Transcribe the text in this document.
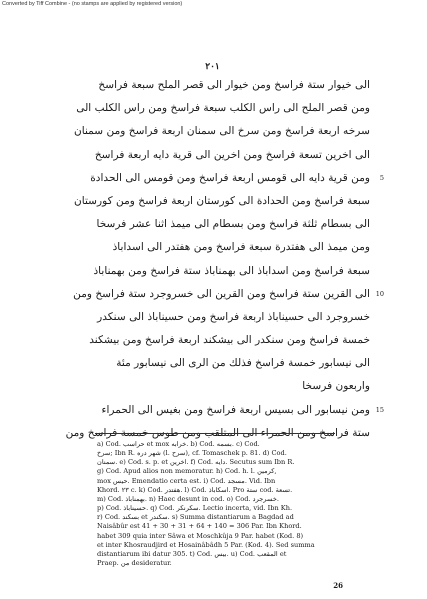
Converted by Tiff Combine - (no stamps are applied by registered version)
٢٠١
الى خيوار ستة فراسخ ومن خيوار الى قصر الملح سبعة فراسخ
ومن قصر الملح الى راس الكلب سبعة فراسخ ومن راس الكلب الى
سرخه اربعة فراسخ ومن سرخ الى سمنان اربعة فراسخ ومن سمنان
الى اخرين تسعة فراسخ ومن اخرين الى قرية دايه اربعة فراسخ
ومن قرية دايه الى قومس اربعة فراسخ ومن قومس الى الحدادة 5
سبعة فراسخ ومن الحدادة الى كورستان اربعة فراسخ ومن كورستان
الى بسطام ثلثة فراسخ ومن بسطام الى ميمذ اثنا عشر فرسخا
ومن ميمذ الى هفتدرة سبعة فراسخ ومن هفتدر الى اسداباذ
سبعة فراسخ ومن اسداباذ الى بهمناباذ ستة فراسخ ومن بهمناباذ
الى القرين ستة فراسخ ومن القرين الى خسروجرد ستة فراسخ ومن 10
خسروجرد الى حسيناباذ اربعة فراسخ ومن حسيناباذ الى سنكدر
خمسة فراسخ ومن سنكدر الى بيشكند اربعة فراسخ ومن بيشكند
الى نيسابور خمسة فراسخ فذلك من الرى الى نيسابور مئة
واربعون فرسخا
ومن نيسابور الى بسيس اربعة فراسخ ومن بغيس الى الحمراء 15
ستة فراسخ ومن الحمراء الى المتلقب ومن طوس خمسة فراسخ ومن
a) Cod. حراسب et mox خرابه. b) Cod. بسمه. c) Cod.
سرخ; Ibn R. شهر دره (l. سرح), cf. Tomaschek p. 81. d) Cod.
سمنان. e) Cod. s. p. et اخرين. f) Cod. دايه. Secutus sum Ibn R.
g) Cod. Apud alios non memoratur. h) Cod. h. l. كرمين,
mox حيس. Emendatio certa est. i) Cod. مسجد. Vid. Ibn
Khord. ٢٣ c. k) Cod. هفتدر. l) Cod. اسكاباذ. Pro ستة cod. تسعة.
m) Cod. بهمناباذ. n) Haec desunt in cod. o) Cod. خسرجرد.
p) Cod. حسيناباذ. q) Cod. سكرنكر. Lectio incerta, vid. Ibn Kh.
r) Cod. بسكند et سكندر. s) Summa distantiarum a Bagdad ad
Naisâbûr est 41 + 30 + 31 + 64 + 140 = 306 Par. Ibn Khord.
habet 309 quia inter Sâwa et Moschkûja 9 Par. habet (Kod. 8)
et inter Khosraudjird et Hosainâbâdh 5 Par. (Kod. 4). Sed summa
distantiarum ibi datur 305. t) Cod. بيس. u) Cod. المقعب et
Praep. من desideratur.
26
